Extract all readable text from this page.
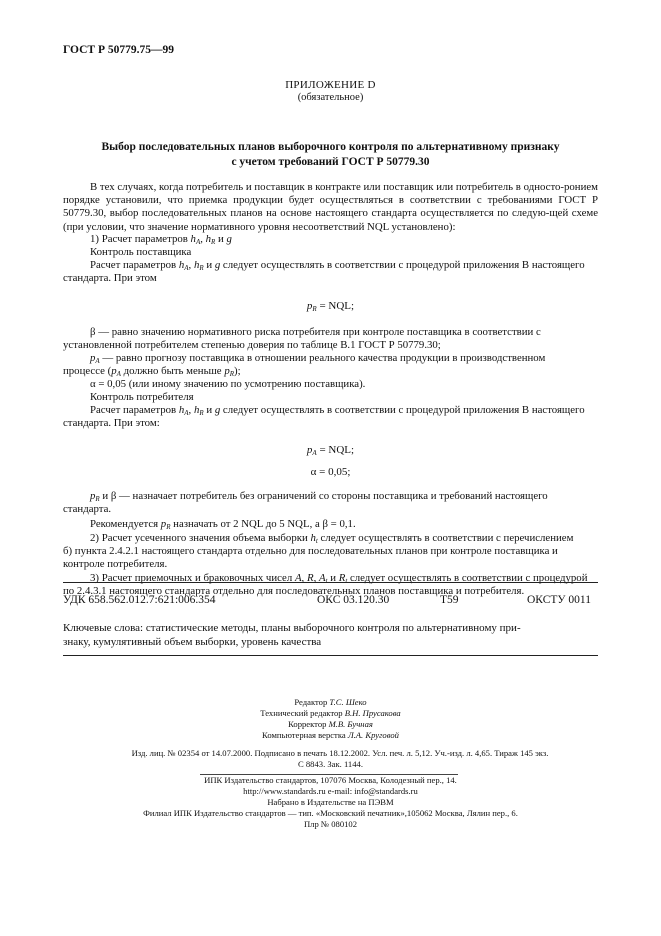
ГОСТ Р 50779.75—99
ПРИЛОЖЕНИЕ D
(обязательное)
Выбор последовательных планов выборочного контроля по альтернативному признаку
с учетом требований ГОСТ Р 50779.30
В тех случаях, когда потребитель и поставщик в контракте или поставщик или потребитель в односто-ронием порядке установили, что приемка продукции будет осуществляться в соответствии с требованиями ГОСТ Р 50779.30, выбор последовательных планов на основе настоящего стандарта осуществляется по следую-щей схеме (при условии, что значение нормативного уровня несоответствий NQL установлено):
1) Расчет параметров $h_A$, $h_R$ и g
Контроль поставщика
Расчет параметров $h_A$, $h_R$ и g следует осуществлять в соответствии с процедурой приложения В настоящего
стандарта. При этом
$p_R$ = NQL;
β — равно значению нормативного риска потребителя при контроле поставщика в соответствии с
установленной потребителем степенью доверия по таблице В.1 ГОСТ Р 50779.30;
$p_A$ — равно прогнозу поставщика в отношении реального качества продукции в производственном
процессе ($p_A$ должно быть меньше $p_R$);
α = 0,05 (или иному значению по усмотрению поставщика).
Контроль потребителя
Расчет параметров $h_A$, $h_R$ и g следует осуществлять в соответствии с процедурой приложения В настоящего
стандарта. При этом:
$p_A$ = NQL;
α = 0,05;
$p_R$ и β — назначает потребитель без ограничений со стороны поставщика и требований настоящего
стандарта.
Рекомендуется $p_R$ назначать от 2 NQL до 5 NQL, а β = 0,1.
2) Расчет усеченного значения объема выборки $h_t$ следует осуществлять в соответствии с перечислением
б) пункта 2.4.2.1 настоящего стандарта отдельно для последовательных планов при контроле поставщика и
контроле потребителя.
3) Расчет приемочных и браковочных чисел A, R, $A_t$ и $R_t$ следует осуществлять в соответствии с процедурой
по 2.4.3.1 настоящего стандарта отдельно для последовательных планов поставщика и потребителя.
УДК 658.562.012.7:621:006.354	ОКС 03.120.30	Т59	ОКСТУ 0011
Ключевые слова: статистические методы, планы выборочного контроля по альтернативному при-
знаку, кумулятивный объем выборки, уровень качества
Редактор Т.С. Шеко
Технический редактор В.Н. Прусакова
Корректор М.В. Бучная
Компьютерная верстка Л.А. Круговой
Изд. лиц. № 02354 от 14.07.2000. Подписано в печать 18.12.2002. Усл. печ. л. 5,12. Уч.-изд. л. 4,65. Тираж 145 экз.
С 8843. Зак. 1144.
ИПК Издательство стандартов, 107076 Москва, Колодезный пер., 14.
http://www.standards.ru e-mail: info@standards.ru
Набрано в Издательстве на ПЭВМ
Филиал ИПК Издательство стандартов — тип. «Московский печатник»,105062 Москва, Лялин пер., 6.
Плр № 080102
